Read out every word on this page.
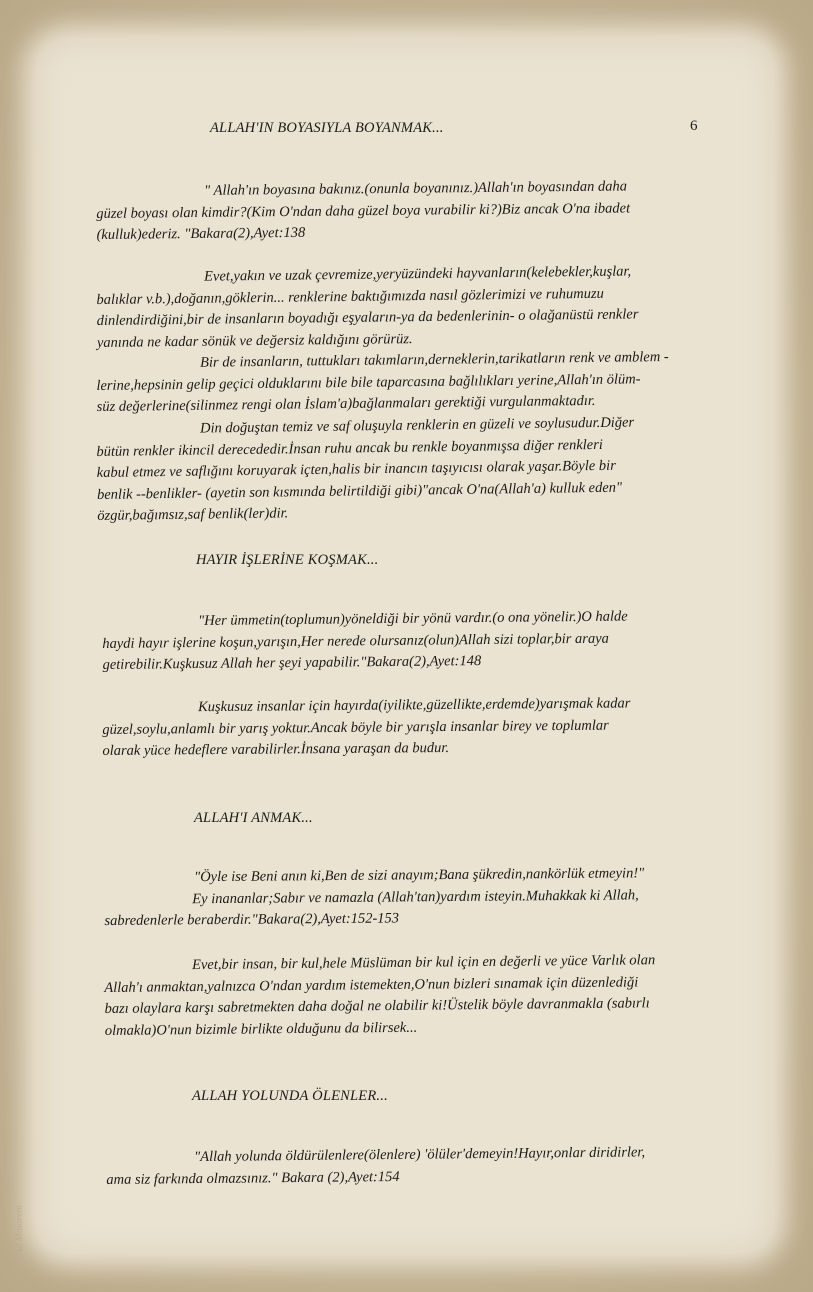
ALLAH'IN BOYASIYLA BOYANMAK...	6
" Allah'ın boyasına bakınız.(onunla boyanınız.)Allah'ın boyasından daha
güzel boyası olan kimdir?(Kim O'ndan daha güzel boya vurabilir ki?)Biz ancak O'na ibadet
(kulluk)ederiz. "Bakara(2),Ayet:138
Evet,yakın ve uzak çevremize,yeryüzündeki hayvanların(kelebekler,kuşlar,
balıklar v.b.),doğanın,göklerin... renklerine baktığımızda nasıl gözlerimizi ve ruhumuzu
dinlendirdiğini,bir de insanların boyadığı eşyaların-ya da bedenlerinin- o olağanüstü renkler
yanında ne kadar sönük ve değersiz kaldığını görürüz.
Bir de insanların, tuttukları takımların,derneklerin,tarikatların renk ve amblem -
lerine,hepsinin gelip geçici olduklarını bile bile taparcasına bağlılıkları yerine,Allah'ın ölüm-
süz değerlerine(silinmez rengi olan İslam'a)bağlanmaları gerektiği vurgulanmaktadır.
Din doğuştan temiz ve saf oluşuyla renklerin en güzeli ve soylusudur.Diğer
bütün renkler ikincil derecededir.İnsan ruhu ancak bu renkle boyanmışsa diğer renkleri
kabul etmez ve saflığını koruyarak içten,halis bir inancın taşıyıcısı olarak yaşar.Böyle bir
benlik --benlikler- (ayetin son kısmında belirtildiği gibi)"ancak O'na(Allah'a) kulluk eden"
özgür,bağımsız,saf benlik(ler)dir.
HAYIR İŞLERİNE KOŞMAK...
"Her ümmetin(toplumun)yöneldiği bir yönü vardır.(o ona yönelir.)O halde
haydi hayır işlerine koşun,yarışın,Her nerede olursanız(olun)Allah sizi toplar,bir araya
getirebilir.Kuşkusuz Allah her şeyi yapabilir."Bakara(2),Ayet:148
Kuşkusuz insanlar için hayırda(iyilikte,güzellikte,erdemde)yarışmak kadar
güzel,soylu,anlamlı bir yarış yoktur.Ancak böyle bir yarışla insanlar birey ve toplumlar
olarak yüce hedeflere varabilirler.İnsana yaraşan da budur.
ALLAH'I ANMAK...
"Öyle ise Beni anın ki,Ben de sizi anayım;Bana şükredin,nankörlük etmeyin!"
Ey inananlar;Sabır ve namazla (Allah'tan)yardım isteyin.Muhakkak ki Allah,
sabredenlerle beraberdir."Bakara(2),Ayet:152-153
Evet,bir insan, bir kul,hele Müslüman bir kul için en değerli ve yüce Varlık olan
Allah'ı anmaktan,yalnızca O'ndan yardım istemekten,O'nun bizleri sınamak için düzenlediği
bazı olaylara karşı sabretmekten daha doğal ne olabilir ki!Üstelik böyle davranmakla (sabırlı
olmakla)O'nun bizimle birlikte olduğunu da bilirsek...
ALLAH YOLUNDA ÖLENLER...
"Allah yolunda öldürülenlere(ölenlere) 'ölüler'demeyin!Hayır,onlar diridirler,
ama siz farkında olmazsınız." Bakara (2),Ayet:154
Ad Maiorem
